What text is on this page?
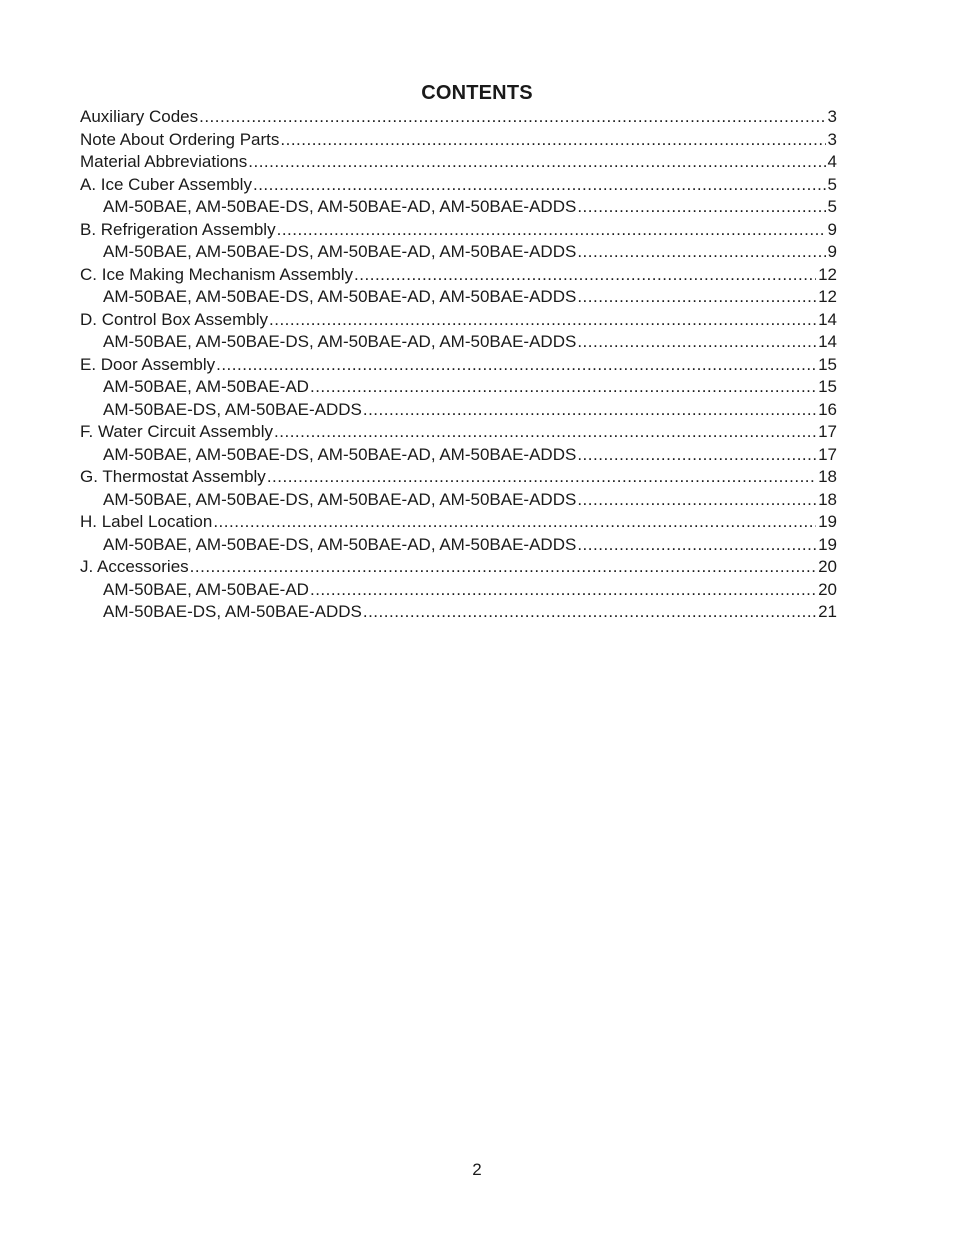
CONTENTS
Auxiliary Codes .....	3
Note About Ordering Parts .....	3
Material Abbreviations .....	4
A. Ice Cuber Assembly .....	5
AM-50BAE, AM-50BAE-DS, AM-50BAE-AD, AM-50BAE-ADDS .....	5
B. Refrigeration Assembly .....	9
AM-50BAE, AM-50BAE-DS, AM-50BAE-AD, AM-50BAE-ADDS .....	9
C. Ice Making Mechanism Assembly .....	12
AM-50BAE, AM-50BAE-DS, AM-50BAE-AD, AM-50BAE-ADDS .....	12
D. Control Box Assembly .....	14
AM-50BAE, AM-50BAE-DS, AM-50BAE-AD, AM-50BAE-ADDS .....	14
E. Door Assembly .....	15
AM-50BAE, AM-50BAE-AD .....	15
AM-50BAE-DS, AM-50BAE-ADDS .....	16
F. Water Circuit Assembly .....	17
AM-50BAE, AM-50BAE-DS, AM-50BAE-AD, AM-50BAE-ADDS .....	17
G. Thermostat Assembly .....	18
AM-50BAE, AM-50BAE-DS, AM-50BAE-AD, AM-50BAE-ADDS .....	18
H. Label Location .....	19
AM-50BAE, AM-50BAE-DS, AM-50BAE-AD, AM-50BAE-ADDS .....	19
J. Accessories .....	20
AM-50BAE, AM-50BAE-AD .....	20
AM-50BAE-DS, AM-50BAE-ADDS .....	21
2
